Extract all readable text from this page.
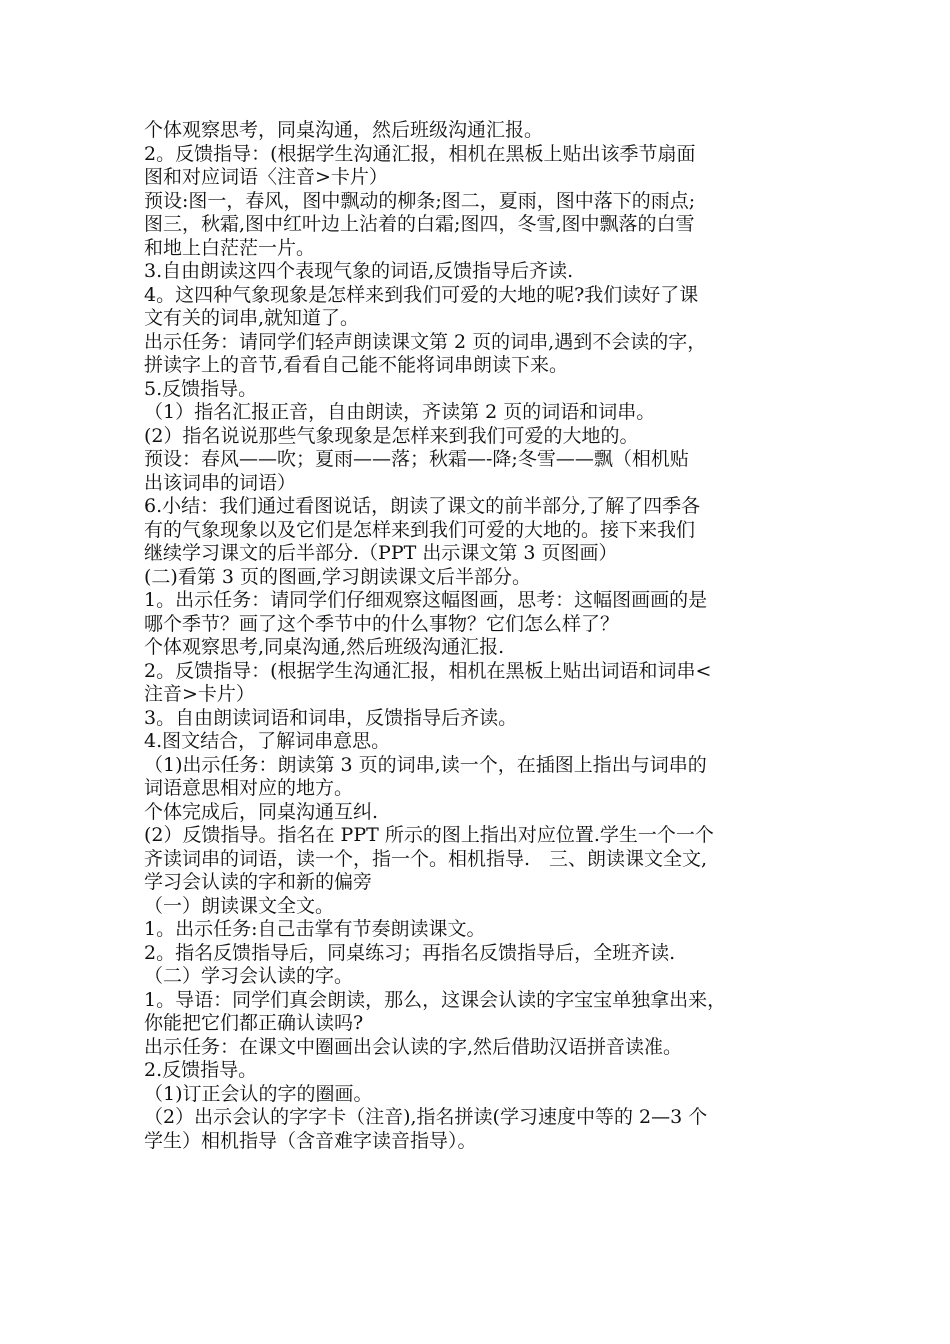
个体观察思考，同桌沟通，然后班级沟通汇报。
2。反馈指导：(根据学生沟通汇报，相机在黑板上贴出该季节扇面
图和对应词语〈注音>卡片）
预设:图一，春风，图中飘动的柳条;图二，夏雨，图中落下的雨点;
图三，秋霜,图中红叶边上沾着的白霜;图四，冬雪,图中飘落的白雪
和地上白茫茫一片。
3.自由朗读这四个表现气象的词语,反馈指导后齐读.
4。这四种气象现象是怎样来到我们可爱的大地的呢?我们读好了课
文有关的词串,就知道了。
出示任务：请同学们轻声朗读课文第 2 页的词串,遇到不会读的字，
拼读字上的音节,看看自己能不能将词串朗读下来。
5.反馈指导。
（1）指名汇报正音，自由朗读，齐读第 2 页的词语和词串。
(2）指名说说那些气象现象是怎样来到我们可爱的大地的。
预设：春风——吹；夏雨——落；秋霜—-降;冬雪——飘（相机贴
出该词串的词语）
6.小结：我们通过看图说话，朗读了课文的前半部分,了解了四季各
有的气象现象以及它们是怎样来到我们可爱的大地的。接下来我们
继续学习课文的后半部分.（PPT 出示课文第 3 页图画）
(二)看第 3 页的图画,学习朗读课文后半部分。
1。出示任务：请同学们仔细观察这幅图画，思考：这幅图画画的是
哪个季节？画了这个季节中的什么事物？它们怎么样了？
个体观察思考,同桌沟通,然后班级沟通汇报.
2。反馈指导：(根据学生沟通汇报，相机在黑板上贴出词语和词串<
注音>卡片）
3。自由朗读词语和词串，反馈指导后齐读。
4.图文结合，了解词串意思。
（1)出示任务：朗读第 3 页的词串,读一个，在插图上指出与词串的
词语意思相对应的地方。
个体完成后，同桌沟通互纠.
(2）反馈指导。指名在 PPT 所示的图上指出对应位置.学生一个一个
齐读词串的词语，读一个，指一个。相机指导.　三、朗读课文全文,
学习会认读的字和新的偏旁
（一）朗读课文全文。
1。出示任务:自己击掌有节奏朗读课文。
2。指名反馈指导后，同桌练习；再指名反馈指导后，全班齐读.
（二）学习会认读的字。
1。导语：同学们真会朗读，那么，这课会认读的字宝宝单独拿出来，
你能把它们都正确认读吗?
出示任务：在课文中圈画出会认读的字,然后借助汉语拼音读准。
2.反馈指导。
（1)订正会认的字的圈画。
（2）出示会认的字字卡（注音),指名拼读(学习速度中等的 2—3 个
学生）相机指导（含音难字读音指导）。
